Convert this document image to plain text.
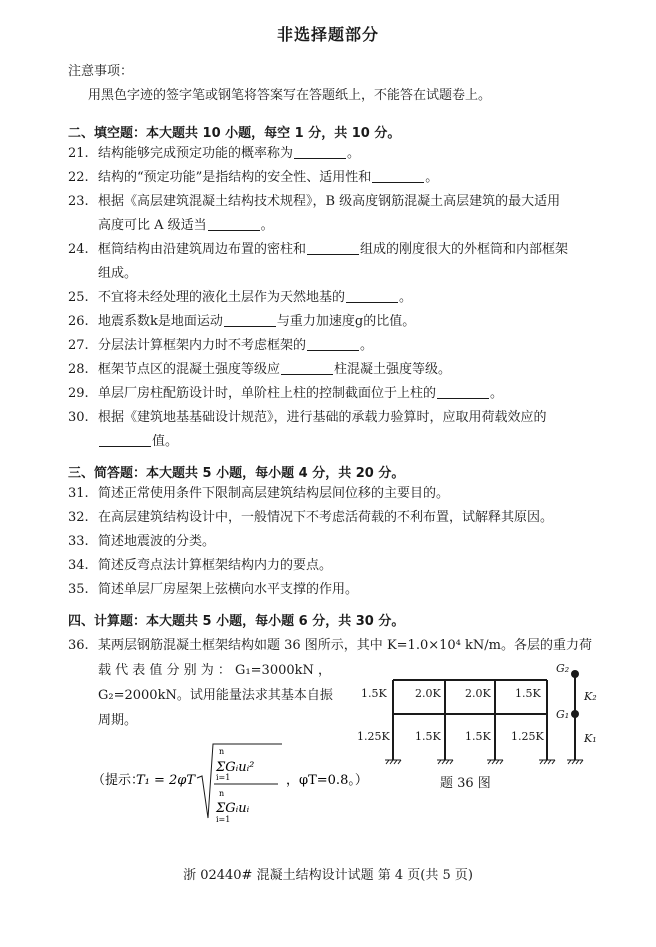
非选择题部分
注意事项：
用黑色字迹的签字笔或钢笔将答案写在答题纸上，不能答在试题卷上。
二、填空题：本大题共 10 小题，每空 1 分，共 10 分。
21. 结构能够完成预定功能的概率称为	。
22. 结构的“预定功能”是指结构的安全性、适用性和	。
23. 根据《高层建筑混凝土结构技术规程》，B 级高度钢筋混凝土高层建筑的最大适用
高度可比 A 级适当	。
24. 框筒结构由沿建筑周边布置的密柱和	组成的刚度很大的外框筒和内部框架
组成。
25. 不宜将未经处理的液化土层作为天然地基的	。
26. 地震系数k是地面运动	与重力加速度g的比值。
27. 分层法计算框架内力时不考虑框架的	。
28. 框架节点区的混凝土强度等级应	柱混凝土强度等级。
29. 单层厂房柱配筋设计时，单阶柱上柱的控制截面位于上柱的	。
30. 根据《建筑地基基础设计规范》，进行基础的承载力验算时，应取用荷载效应的
值。
三、简答题：本大题共 5 小题，每小题 4 分，共 20 分。
31. 简述正常使用条件下限制高层建筑结构层间位移的主要目的。
32. 在高层建筑结构设计中，一般情况下不考虑活荷载的不利布置，试解释其原因。
33. 简述地震波的分类。
34. 简述反弯点法计算框架结构内力的要点。
35. 简述单层厂房屋架上弦横向水平支撑的作用。
四、计算题：本大题共 5 小题，每小题 6 分，共 30 分。
36. 某两层钢筋混凝土框架结构如题 36 图所示，其中 K=1.0×10⁴ kN/m。各层的重力荷
载 代 表 值 分 别 为 ： G₁=3000kN ，
G₂=2000kN。试用能量法求其基本自振
周期。
（提示：
T₁ = 2φT
n
i=1
ΣGᵢuᵢ²
n
i=1
ΣGᵢuᵢ
，φT=0.8。）
1.5K	2.0K 2.0K 1.5K
1.25K 1.5K 1.5K 1.25K
G₂
G₁
K₂
K₁
题 36 图
浙 02440# 混凝土结构设计试题 第 4 页(共 5 页)
